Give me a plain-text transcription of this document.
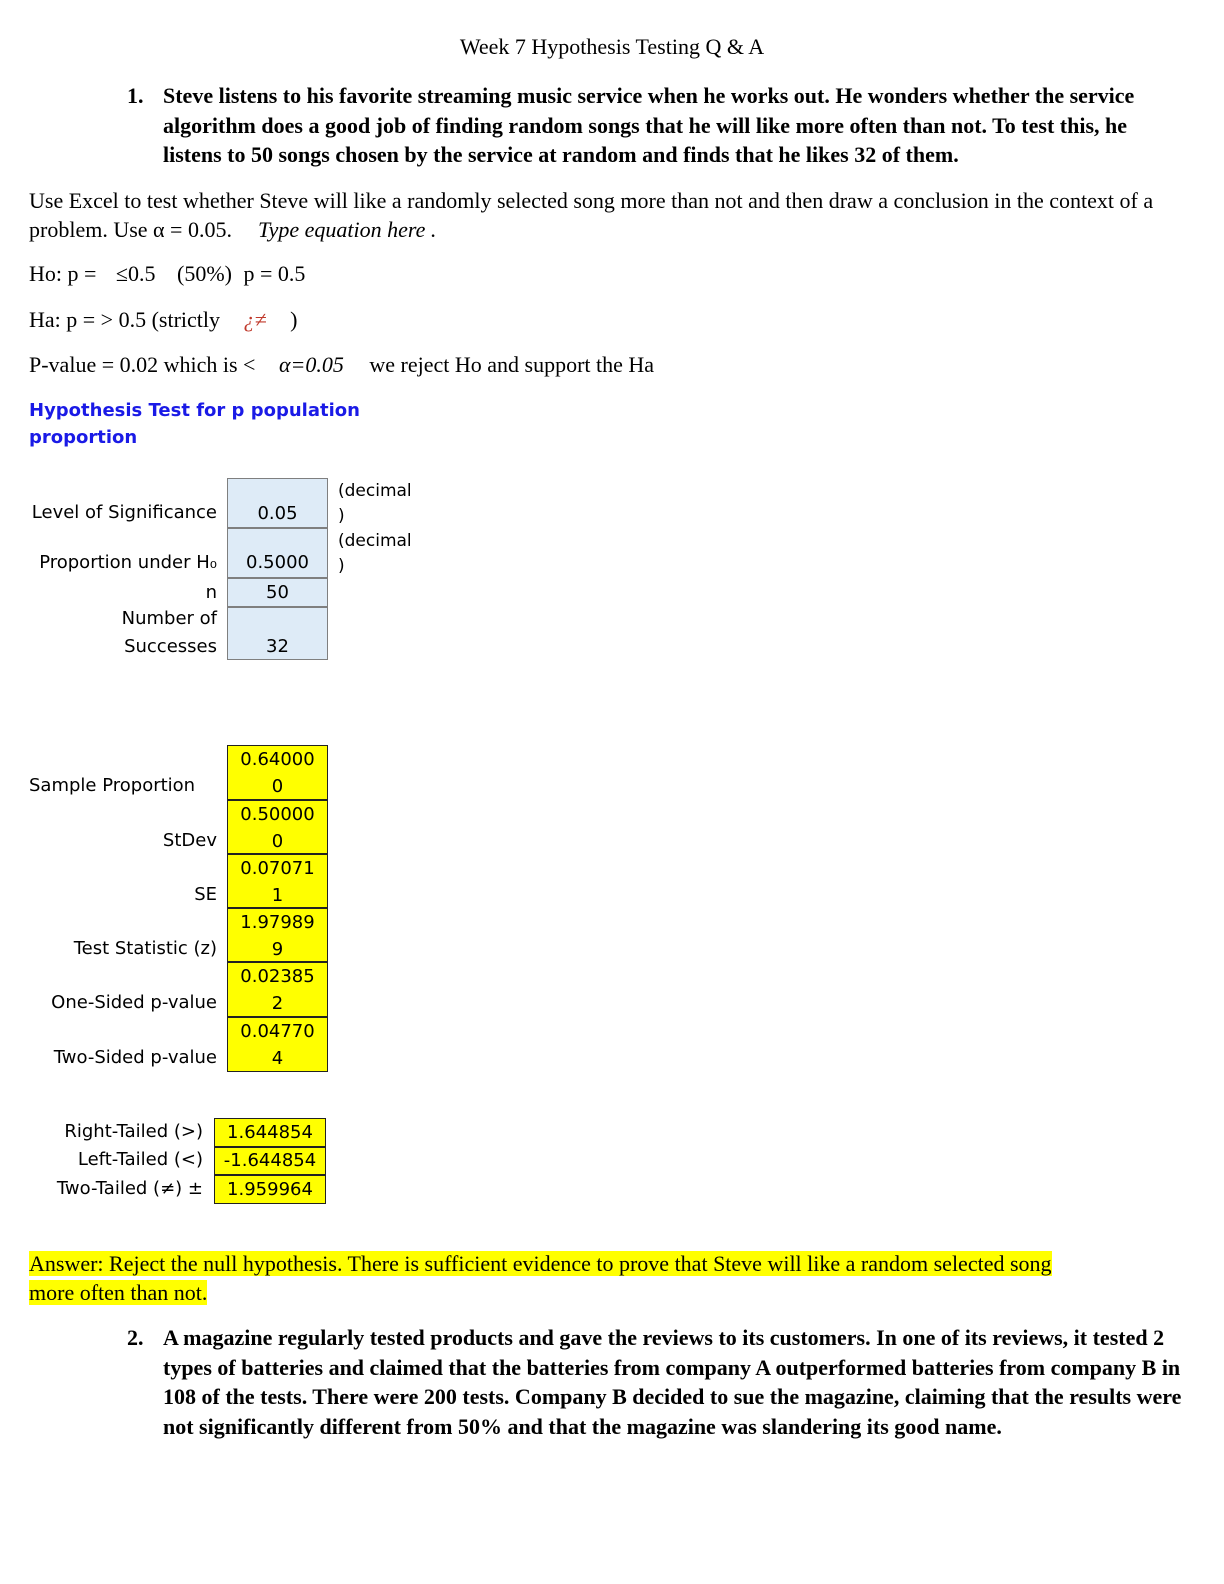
Week 7 Hypothesis Testing Q & A
1. Steve listens to his favorite streaming music service when he works out. He wonders whether the service algorithm does a good job of finding random songs that he will like more often than not. To test this, he listens to 50 songs chosen by the service at random and finds that he likes 32 of them.
Use Excel to test whether Steve will like a randomly selected song more than not and then draw a conclusion in the context of a problem. Use α = 0.05. Type equation here .
Ho: p = ≤0.5 (50%) p = 0.5
Ha: p = > 0.5 (strictly ¿≠ )
P-value = 0.02 which is < α=0.05 we reject Ho and support the Ha
Hypothesis Test for p population
proportion
Level of Significance
Proportion under H₀
n
Number of
Successes
0.05
0.5000
50
32
(decimal
)
(decimal
)
Sample Proportion
StDev
SE
Test Statistic (z)
One-Sided p-value
Two-Sided p-value
0.64000
0
0.50000
0
0.07071
1
1.97989
9
0.02385
2
0.04770
4
Right-Tailed (>)
Left-Tailed (<)
Two-Tailed (≠) ±
1.644854
-1.644854
1.959964
Answer: Reject the null hypothesis. There is sufficient evidence to prove that Steve will like a random selected song
more often than not.
2. A magazine regularly tested products and gave the reviews to its customers. In one of its reviews, it tested 2 types of batteries and claimed that the batteries from company A outperformed batteries from company B in 108 of the tests. There were 200 tests. Company B decided to sue the magazine, claiming that the results were not significantly different from 50% and that the magazine was slandering its good name.
